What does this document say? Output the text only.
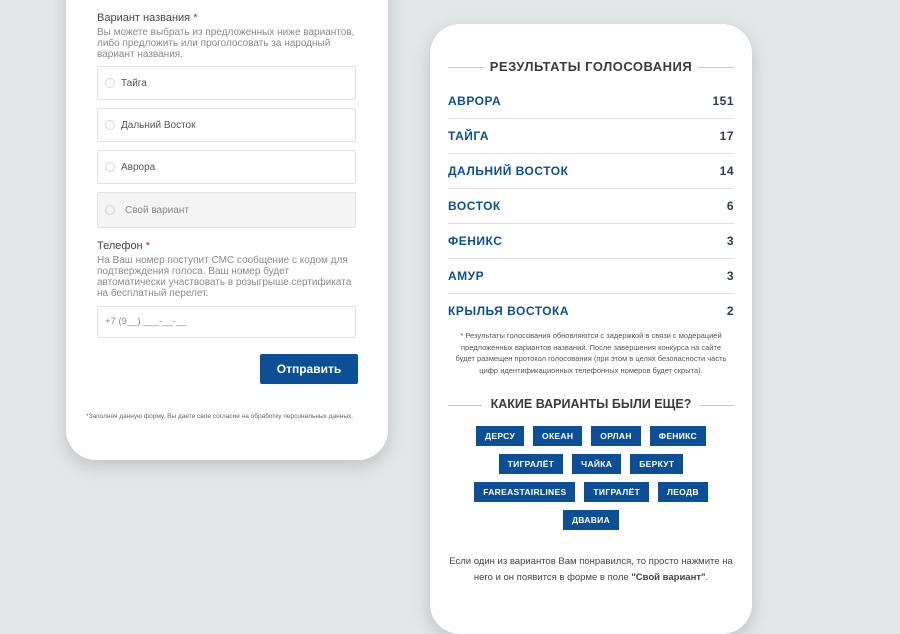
Вариант названия *
Вы можете выбрать из предложенных ниже вариантов, либо предложить или проголосовать за народный вариант названия.
Тайга
Дальний Восток
Аврора
Свой вариант
Телефон *
На Ваш номер поступит СМС сообщение с кодом для подтверждения голоса. Ваш номер будет автоматически участвовать в розыгрыше сертификата на бесплатный перелет.
+7 (9__) ___-__-__
Отправить
*Заполняя данную форму, Вы даете свое согласие на обработку персональных данных.
РЕЗУЛЬТАТЫ ГОЛОСОВАНИЯ
АВРОРА	151
ТАЙГА	17
ДАЛЬНИЙ ВОСТОК	14
ВОСТОК	6
ФЕНИКС	3
АМУР	3
КРЫЛЬЯ ВОСТОКА	2
* Результаты голосования обновляются с задержкой в связи с модерацией предложенных вариантов названий. После завершения конкурса на сайте будет размещен протокол голосования (при этом в целях безопасности часть цифр идентификационных телефонных номеров будет скрыта).
КАКИЕ ВАРИАНТЫ БЫЛИ ЕЩЕ?
ДЕРСУ	ОКЕАН	ОРЛАН	ФЕНИКС
ТИГРАЛЁТ	ЧАЙКА	БЕРКУТ
FAREASTAIRLINES	ТИГРАЛЁТ	ЛЕОДВ
ДВАВИА
Если один из вариантов Вам понравился, то просто нажмите на него и он появится в форме в поле "Свой вариант".
